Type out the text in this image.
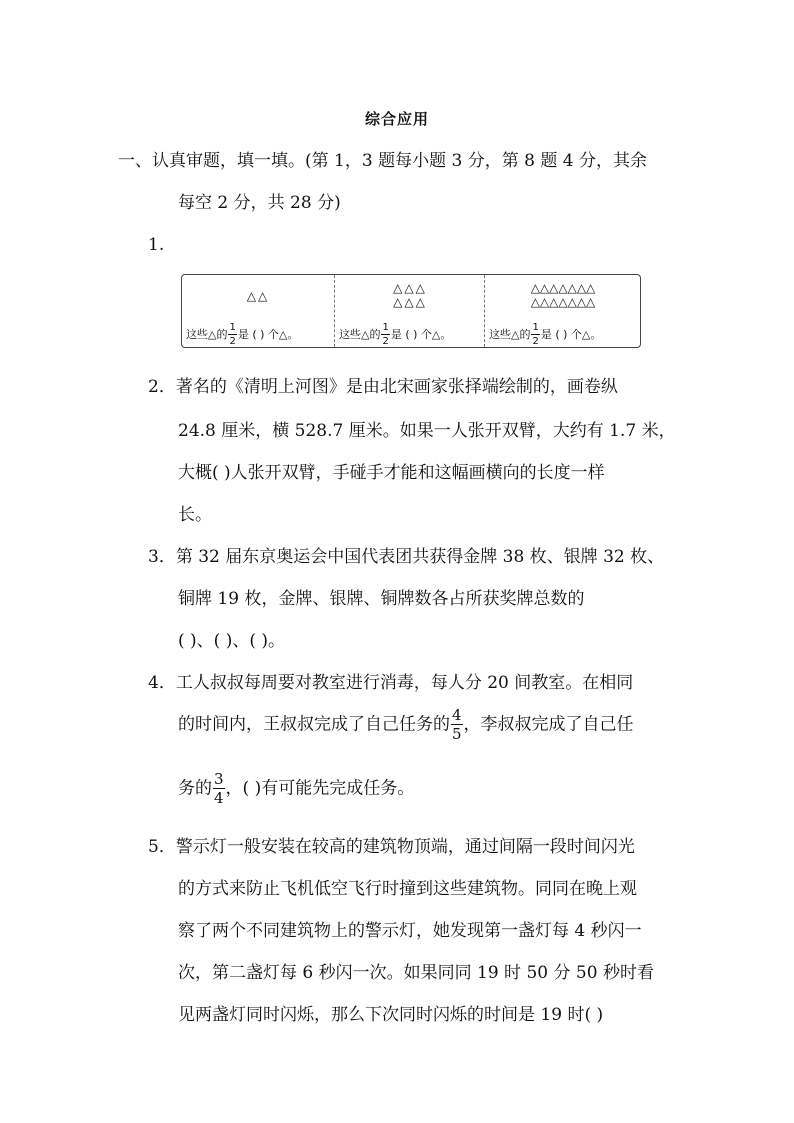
综合应用
一、认真审题，填一填。(第 1，3 题每小题 3 分，第 8 题 4 分，其余
每空 2 分，共 28 分)
1.
△△
这些△的 $\frac{1}{2}$ 是 ( ) 个△。
△△△
△△△
这些△的 $\frac{1}{2}$ 是 ( ) 个△。
△△△△△△△
△△△△△△△
这些△的 $\frac{1}{2}$ 是 ( ) 个△。
2．著名的《清明上河图》是由北宋画家张择端绘制的，画卷纵
24.8 厘米，横 528.7 厘米。如果一人张开双臂，大约有 1.7 米，
大概( )人张开双臂，手碰手才能和这幅画横向的长度一样
长。
3．第 32 届东京奥运会中国代表团共获得金牌 38 枚、银牌 32 枚、
铜牌 19 枚，金牌、银牌、铜牌数各占所获奖牌总数的
( )、( )、( )。
4．工人叔叔每周要对教室进行消毒，每人分 20 间教室。在相同
的时间内，王叔叔完成了自己任务的 $\frac{4}{5}$ ，李叔叔完成了自己任
务的 $\frac{3}{4}$ ，( )有可能先完成任务。
5．警示灯一般安装在较高的建筑物顶端，通过间隔一段时间闪光
的方式来防止飞机低空飞行时撞到这些建筑物。同同在晚上观
察了两个不同建筑物上的警示灯，她发现第一盏灯每 4 秒闪一
次，第二盏灯每 6 秒闪一次。如果同同 19 时 50 分 50 秒时看
见两盏灯同时闪烁，那么下次同时闪烁的时间是 19 时( )
